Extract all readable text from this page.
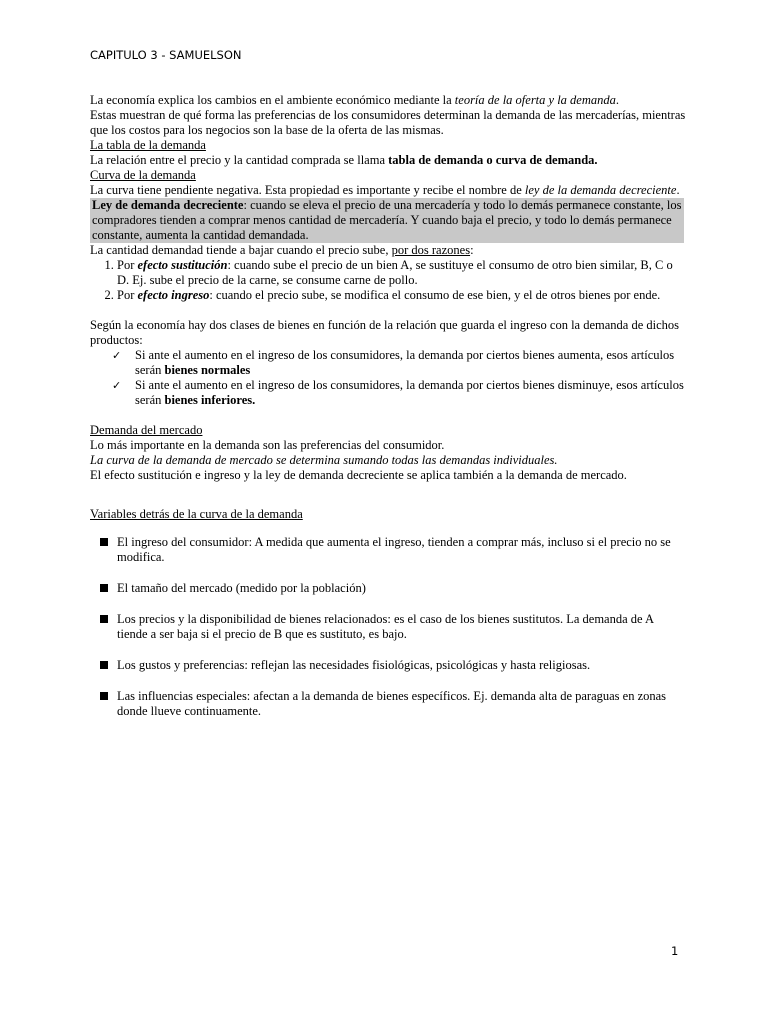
CAPITULO 3 - SAMUELSON

La economía explica los cambios en el ambiente económico mediante la teoría de la oferta y la demanda.

Estas muestran de qué forma las preferencias de los consumidores determinan la demanda de las mercaderías, mientras que los costos para los negocios son la base de la oferta de las mismas.

La tabla de la demanda

La relación entre el precio y la cantidad comprada se llama tabla de demanda o curva de demanda.

Curva de la demanda

La curva tiene pendiente negativa. Esta propiedad es importante y recibe el nombre de ley de la demanda decreciente.

Ley de demanda decreciente: cuando se eleva el precio de una mercadería y todo lo demás permanece constante, los compradores tienden a comprar menos cantidad de mercadería. Y cuando baja el precio, y todo lo demás permanece constante, aumenta la cantidad demandada.

La cantidad demandad tiende a bajar cuando el precio sube, por dos razones:

1. Por efecto sustitución: cuando sube el precio de un bien A, se sustituye el consumo de otro bien similar, B, C o D. Ej. sube el precio de la carne, se consume carne de pollo.
2. Por efecto ingreso: cuando el precio sube, se modifica el consumo de ese bien, y el de otros bienes por ende.

Según la economía hay dos clases de bienes en función de la relación que guarda el ingreso con la demanda de dichos productos:

✓ Si ante el aumento en el ingreso de los consumidores, la demanda por ciertos bienes aumenta, esos artículos serán bienes normales
✓ Si ante el aumento en el ingreso de los consumidores, la demanda por ciertos bienes disminuye, esos artículos serán bienes inferiores.

Demanda del mercado

Lo más importante en la demanda son las preferencias del consumidor.

La curva de la demanda de mercado se determina sumando todas las demandas individuales.

El efecto sustitución e ingreso y la ley de demanda decreciente se aplica también a la demanda de mercado.

Variables detrás de la curva de la demanda

El ingreso del consumidor: A medida que aumenta el ingreso, tienden a comprar más, incluso si el precio no se modifica.
El tamaño del mercado (medido por la población)
Los precios y la disponibilidad de bienes relacionados: es el caso de los bienes sustitutos. La demanda de A tiende a ser baja si el precio de B que es sustituto, es bajo.
Los gustos y preferencias: reflejan las necesidades fisiológicas, psicológicas y hasta religiosas.
Las influencias especiales: afectan a la demanda de bienes específicos. Ej. demanda alta de paraguas en zonas donde llueve continuamente.
1
